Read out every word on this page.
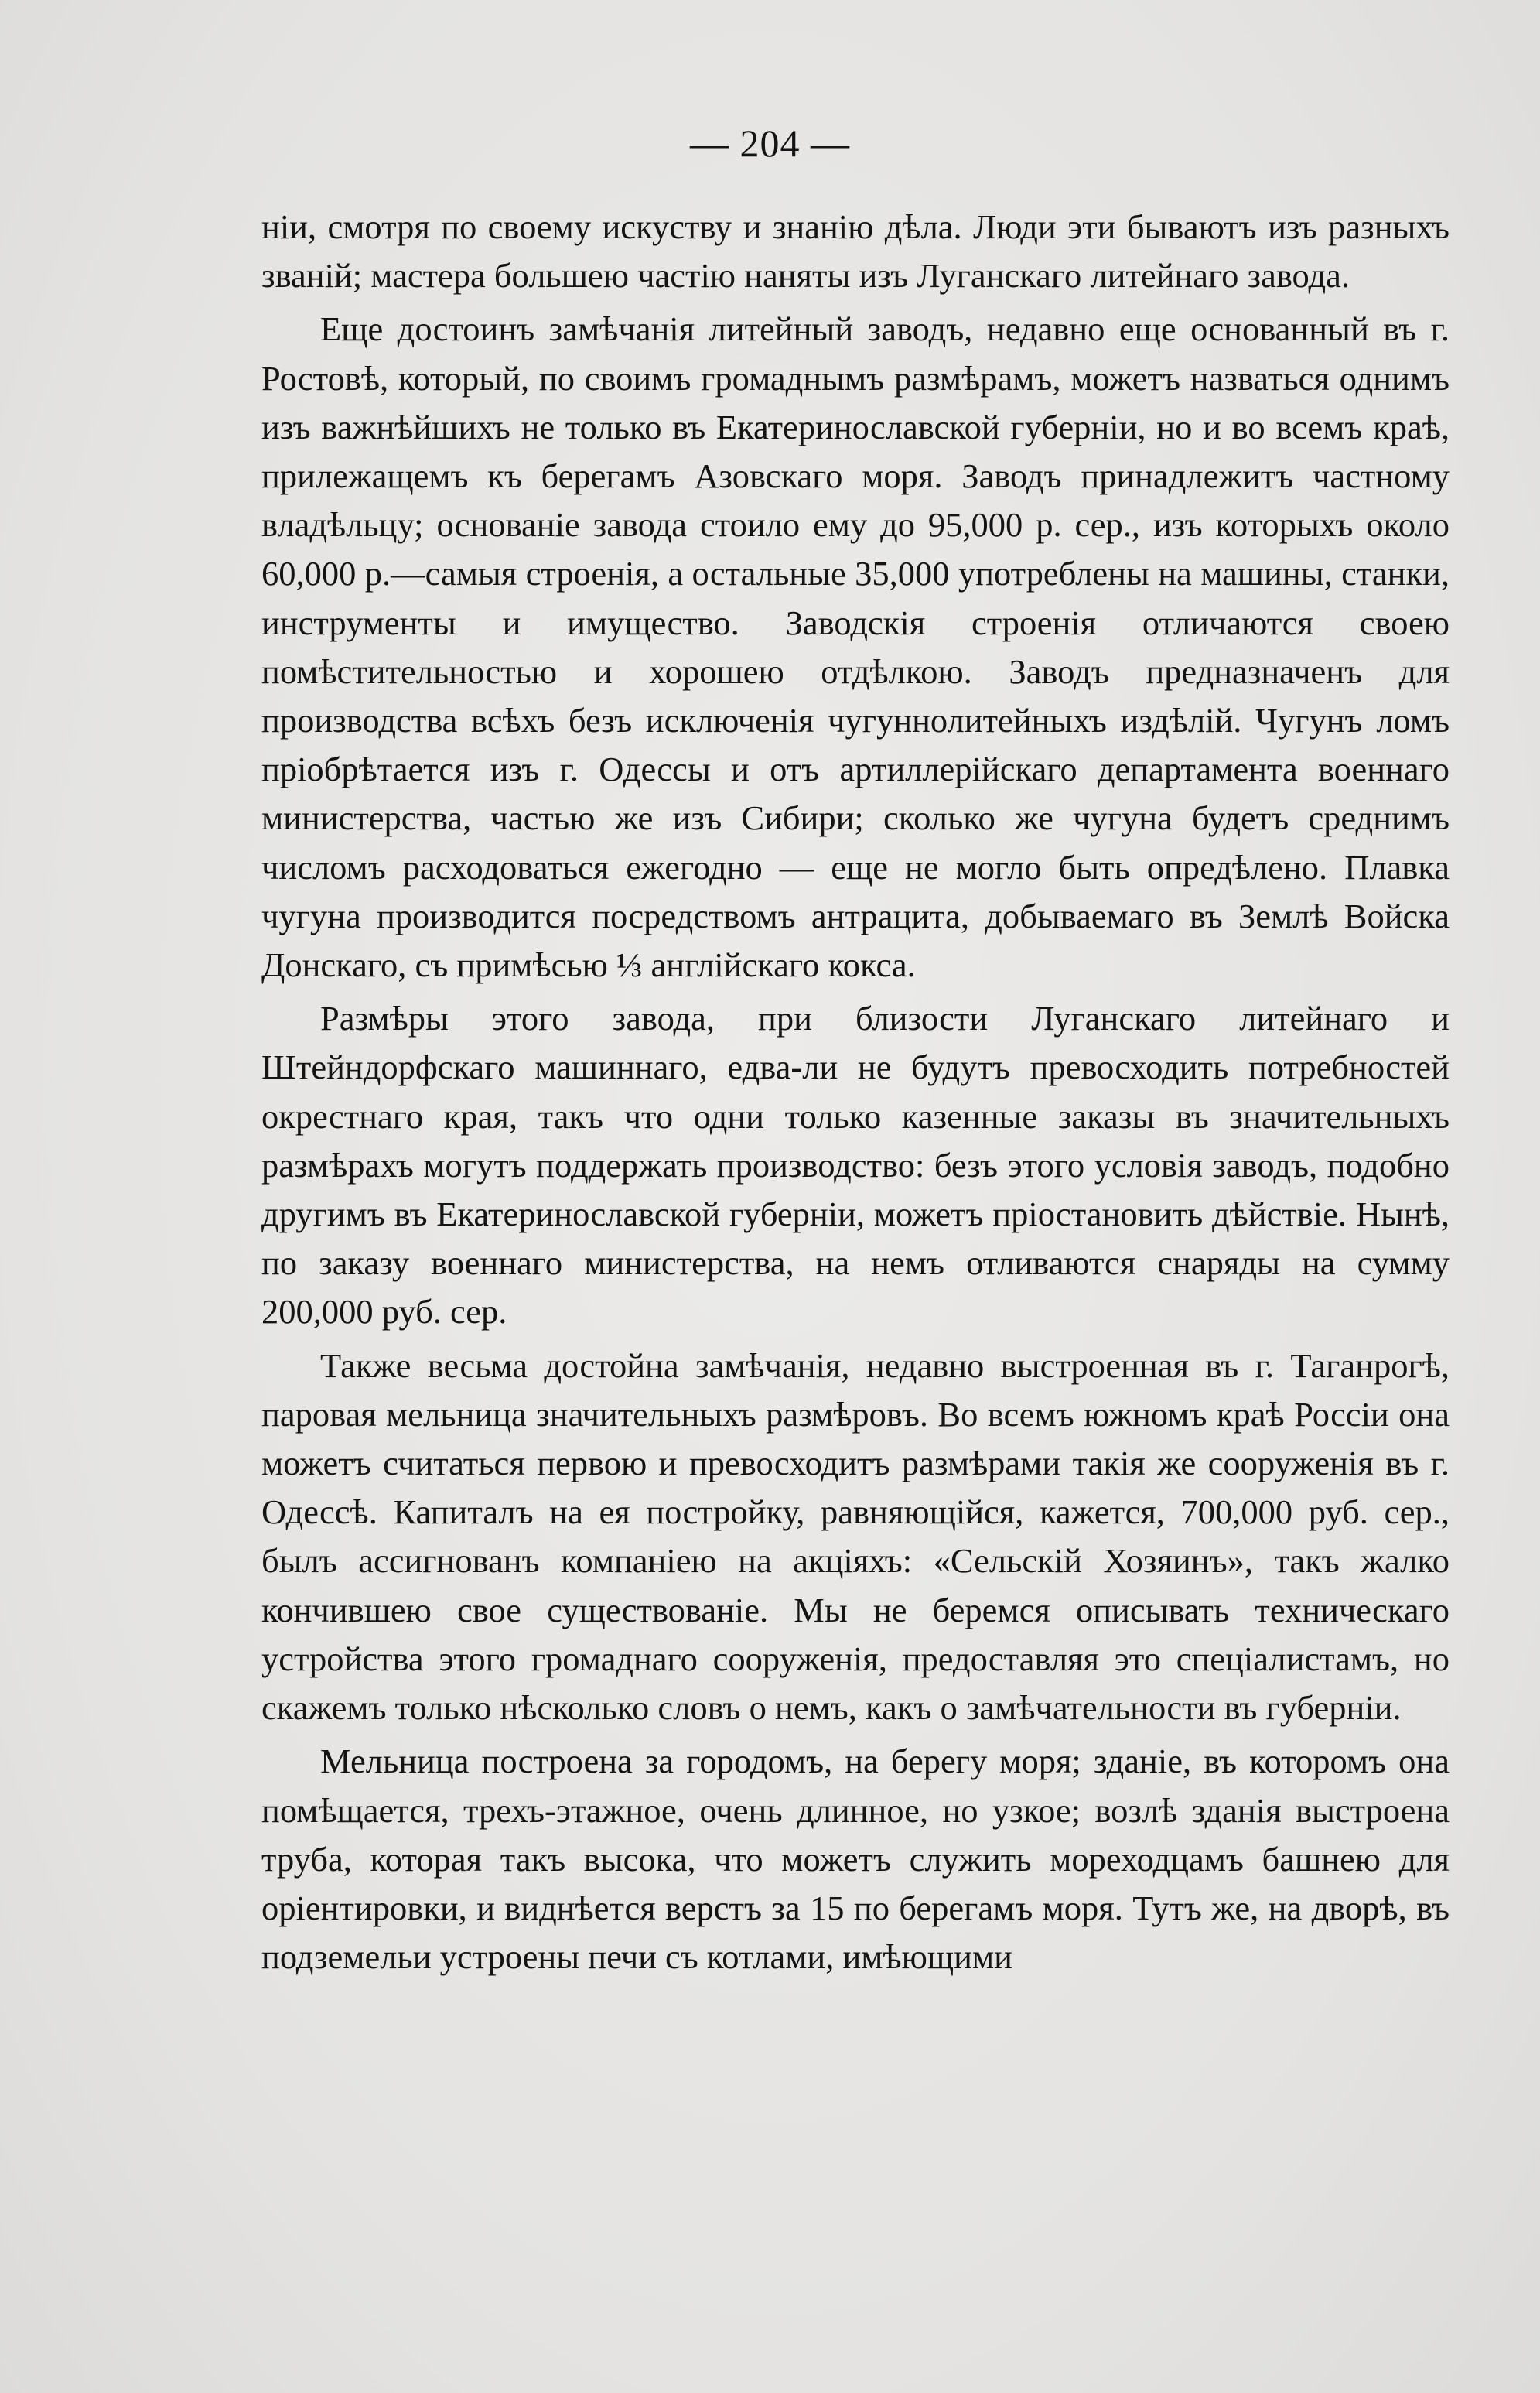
— 204 —

ніи, смотря по своему искуству и знанію дѣла. Люди эти бываютъ изъ разныхъ званій; мастера большею частію наняты изъ Луганскаго литейнаго завода.

Еще достоинъ замѣчанія литейный заводъ, недавно еще основанный въ г. Ростовѣ, который, по своимъ громаднымъ размѣрамъ, можетъ назваться однимъ изъ важнѣйшихъ не только въ Екатеринославской губерніи, но и во всемъ краѣ, прилежащемъ къ берегамъ Азовскаго моря. Заводъ принадлежитъ частному владѣльцу; основаніе завода стоило ему до 95,000 р. сер., изъ которыхъ около 60,000 р.—самыя строенія, а остальные 35,000 употреблены на машины, станки, инструменты и имущество. Заводскія строенія отличаются своею помѣстительностью и хорошею отдѣлкою. Заводъ предназначенъ для производства всѣхъ безъ исключенія чугуннолитейныхъ издѣлій. Чугунъ ломъ пріобрѣтается изъ г. Одессы и отъ артиллерійскаго департамента военнаго министерства, частью же изъ Сибири; сколько же чугуна будетъ среднимъ числомъ расходоваться ежегодно — еще не могло быть опредѣлено. Плавка чугуна производится посредствомъ антрацита, добываемаго въ Землѣ Войска Донскаго, съ примѣсью ⅓ англійскаго кокса.

Размѣры этого завода, при близости Луганскаго литейнаго и Штейндорфскаго машиннаго, едва-ли не будутъ превосходить потребностей окрестнаго края, такъ что одни только казенные заказы въ значительныхъ размѣрахъ могутъ поддержать производство: безъ этого условія заводъ, подобно другимъ въ Екатеринославской губерніи, можетъ пріостановить дѣйствіе. Нынѣ, по заказу военнаго министерства, на немъ отливаются снаряды на сумму 200,000 руб. сер.

Также весьма достойна замѣчанія, недавно выстроенная въ г. Таганрогѣ, паровая мельница значительныхъ размѣровъ. Во всемъ южномъ краѣ Россіи она можетъ считаться первою и превосходитъ размѣрами такія же сооруженія въ г. Одессѣ. Капиталъ на ея постройку, равняющійся, кажется, 700,000 руб. сер., былъ ассигнованъ компаніею на акціяхъ: «Сельскій Хозяинъ», такъ жалко кончившею свое существованіе. Мы не беремся описывать техническаго устройства этого громаднаго сооруженія, предоставляя это спеціалистамъ, но скажемъ только нѣсколько словъ о немъ, какъ о замѣчательности въ губерніи.

Мельница построена за городомъ, на берегу моря; зданіе, въ которомъ она помѣщается, трехъ-этажное, очень длинное, но узкое; возлѣ зданія выстроена труба, которая такъ высока, что можетъ служить мореходцамъ башнею для оріентировки, и виднѣется верстъ за 15 по берегамъ моря. Тутъ же, на дворѣ, въ подземельи устроены печи съ котлами, имѣющими
